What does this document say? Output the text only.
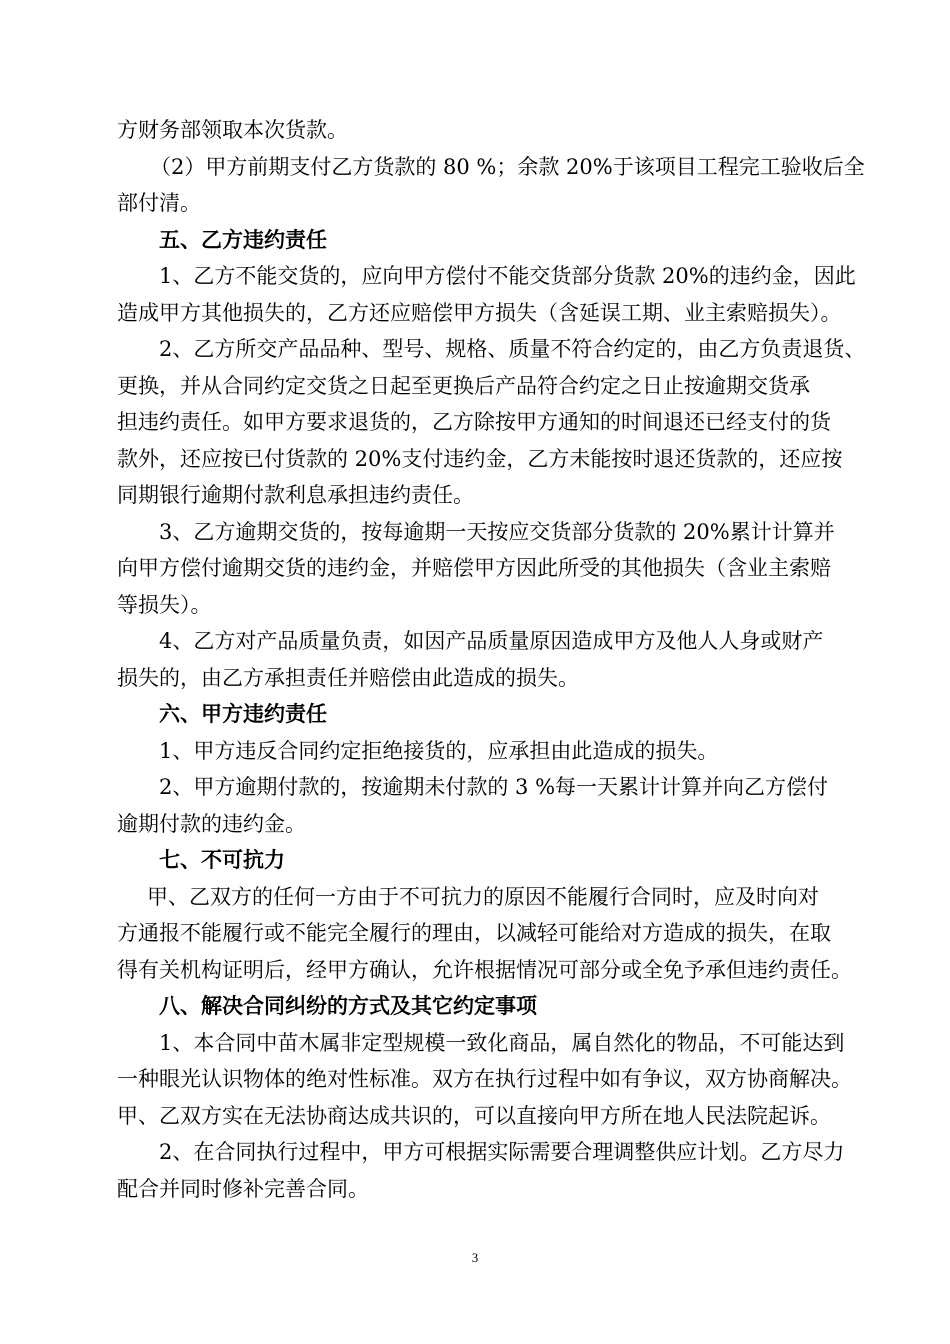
方财务部领取本次货款。
（2）甲方前期支付乙方货款的 80 %；余款 20%于该项目工程完工验收后全
部付清。
五、乙方违约责任
1、乙方不能交货的，应向甲方偿付不能交货部分货款 20%的违约金，因此
造成甲方其他损失的，乙方还应赔偿甲方损失（含延误工期、业主索赔损失）。
2、乙方所交产品品种、型号、规格、质量不符合约定的，由乙方负责退货、
更换，并从合同约定交货之日起至更换后产品符合约定之日止按逾期交货承
担违约责任。如甲方要求退货的，乙方除按甲方通知的时间退还已经支付的货
款外，还应按已付货款的 20%支付违约金，乙方未能按时退还货款的，还应按
同期银行逾期付款利息承担违约责任。
3、乙方逾期交货的，按每逾期一天按应交货部分货款的 20%累计计算并
向甲方偿付逾期交货的违约金，并赔偿甲方因此所受的其他损失（含业主索赔
等损失）。
4、乙方对产品质量负责，如因产品质量原因造成甲方及他人人身或财产
损失的，由乙方承担责任并赔偿由此造成的损失。
六、甲方违约责任
1、甲方违反合同约定拒绝接货的，应承担由此造成的损失。
2、甲方逾期付款的，按逾期未付款的 3 %每一天累计计算并向乙方偿付
逾期付款的违约金。
七、不可抗力
甲、乙双方的任何一方由于不可抗力的原因不能履行合同时，应及时向对
方通报不能履行或不能完全履行的理由，以减轻可能给对方造成的损失，在取
得有关机构证明后，经甲方确认，允许根据情况可部分或全免予承但违约责任。
八、解决合同纠纷的方式及其它约定事项
1、本合同中苗木属非定型规模一致化商品，属自然化的物品，不可能达到
一种眼光认识物体的绝对性标准。双方在执行过程中如有争议，双方协商解决。
甲、乙双方实在无法协商达成共识的，可以直接向甲方所在地人民法院起诉。
2、在合同执行过程中，甲方可根据实际需要合理调整供应计划。乙方尽力
配合并同时修补完善合同。
3
